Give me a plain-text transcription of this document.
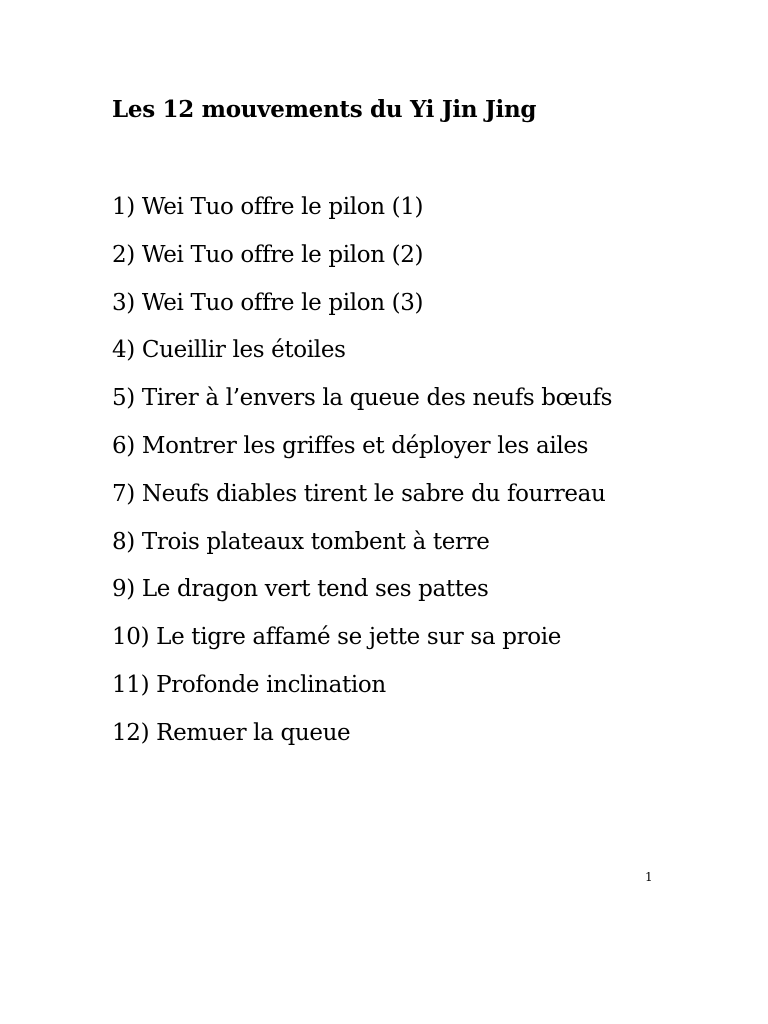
Les 12 mouvements du Yi Jin Jing
1) Wei Tuo offre le pilon (1)
2) Wei Tuo offre le pilon (2)
3) Wei Tuo offre le pilon (3)
4) Cueillir les étoiles
5) Tirer à l’envers la queue des neufs bœufs
6) Montrer les griffes et déployer les ailes
7) Neufs diables tirent le sabre du fourreau
8) Trois plateaux tombent à terre
9) Le dragon vert tend ses pattes
10) Le tigre affamé se jette sur sa proie
11) Profonde inclination
12) Remuer la queue
1
